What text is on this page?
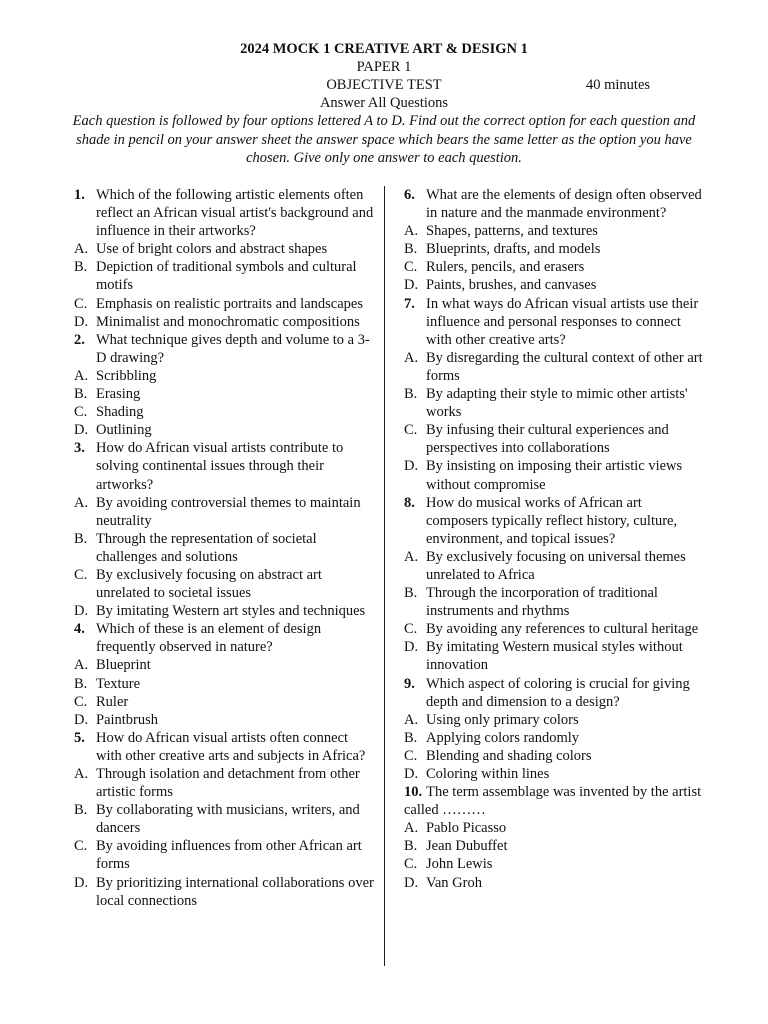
2024 MOCK 1 CREATIVE ART & DESIGN 1
PAPER 1
OBJECTIVE TEST	40 minutes
Answer All Questions
Each question is followed by four options lettered A to D. Find out the correct option for each question and shade in pencil on your answer sheet the answer space which bears the same letter as the option you have chosen. Give only one answer to each question.
1. Which of the following artistic elements often reflect an African visual artist's background and influence in their artworks?
A. Use of bright colors and abstract shapes
B. Depiction of traditional symbols and cultural motifs
C. Emphasis on realistic portraits and landscapes
D. Minimalist and monochromatic compositions
2. What technique gives depth and volume to a 3-D drawing?
A. Scribbling
B. Erasing
C. Shading
D. Outlining
3. How do African visual artists contribute to solving continental issues through their artworks?
A. By avoiding controversial themes to maintain neutrality
B. Through the representation of societal challenges and solutions
C. By exclusively focusing on abstract art unrelated to societal issues
D. By imitating Western art styles and techniques
4. Which of these is an element of design frequently observed in nature?
A. Blueprint
B. Texture
C. Ruler
D. Paintbrush
5. How do African visual artists often connect with other creative arts and subjects in Africa?
A. Through isolation and detachment from other artistic forms
B. By collaborating with musicians, writers, and dancers
C. By avoiding influences from other African art forms
D. By prioritizing international collaborations over local connections
6. What are the elements of design often observed in nature and the manmade environment?
A. Shapes, patterns, and textures
B. Blueprints, drafts, and models
C. Rulers, pencils, and erasers
D. Paints, brushes, and canvases
7. In what ways do African visual artists use their influence and personal responses to connect with other creative arts?
A. By disregarding the cultural context of other art forms
B. By adapting their style to mimic other artists' works
C. By infusing their cultural experiences and perspectives into collaborations
D. By insisting on imposing their artistic views without compromise
8. How do musical works of African art composers typically reflect history, culture, environment, and topical issues?
A. By exclusively focusing on universal themes unrelated to Africa
B. Through the incorporation of traditional instruments and rhythms
C. By avoiding any references to cultural heritage
D. By imitating Western musical styles without innovation
9. Which aspect of coloring is crucial for giving depth and dimension to a design?
A. Using only primary colors
B. Applying colors randomly
C. Blending and shading colors
D. Coloring within lines
10. The term assemblage was invented by the artist called ………
A. Pablo Picasso
B. Jean Dubuffet
C. John Lewis
D. Van Groh
